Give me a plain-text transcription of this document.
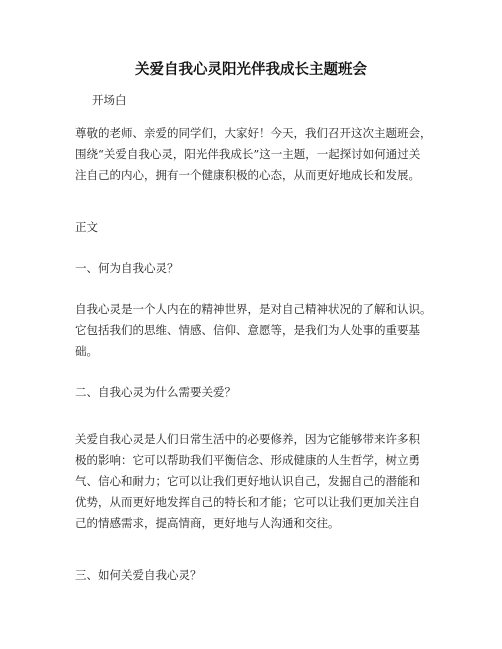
关爱自我心灵阳光伴我成长主题班会
开场白
尊敬的老师、亲爱的同学们，大家好！今天，我们召开这次主题班会，
围绕“关爱自我心灵，阳光伴我成长”这一主题，一起探讨如何通过关
注自己的内心，拥有一个健康积极的心态，从而更好地成长和发展。
正文
一、何为自我心灵？
自我心灵是一个人内在的精神世界，是对自己精神状况的了解和认识。
它包括我们的思维、情感、信仰、意愿等，是我们为人处事的重要基
础。
二、自我心灵为什么需要关爱？
关爱自我心灵是人们日常生活中的必要修养，因为它能够带来许多积
极的影响：它可以帮助我们平衡信念、形成健康的人生哲学，树立勇
气、信心和耐力；它可以让我们更好地认识自己，发掘自己的潜能和
优势，从而更好地发挥自己的特长和才能；它可以让我们更加关注自
己的情感需求，提高情商，更好地与人沟通和交往。
三、如何关爱自我心灵？
